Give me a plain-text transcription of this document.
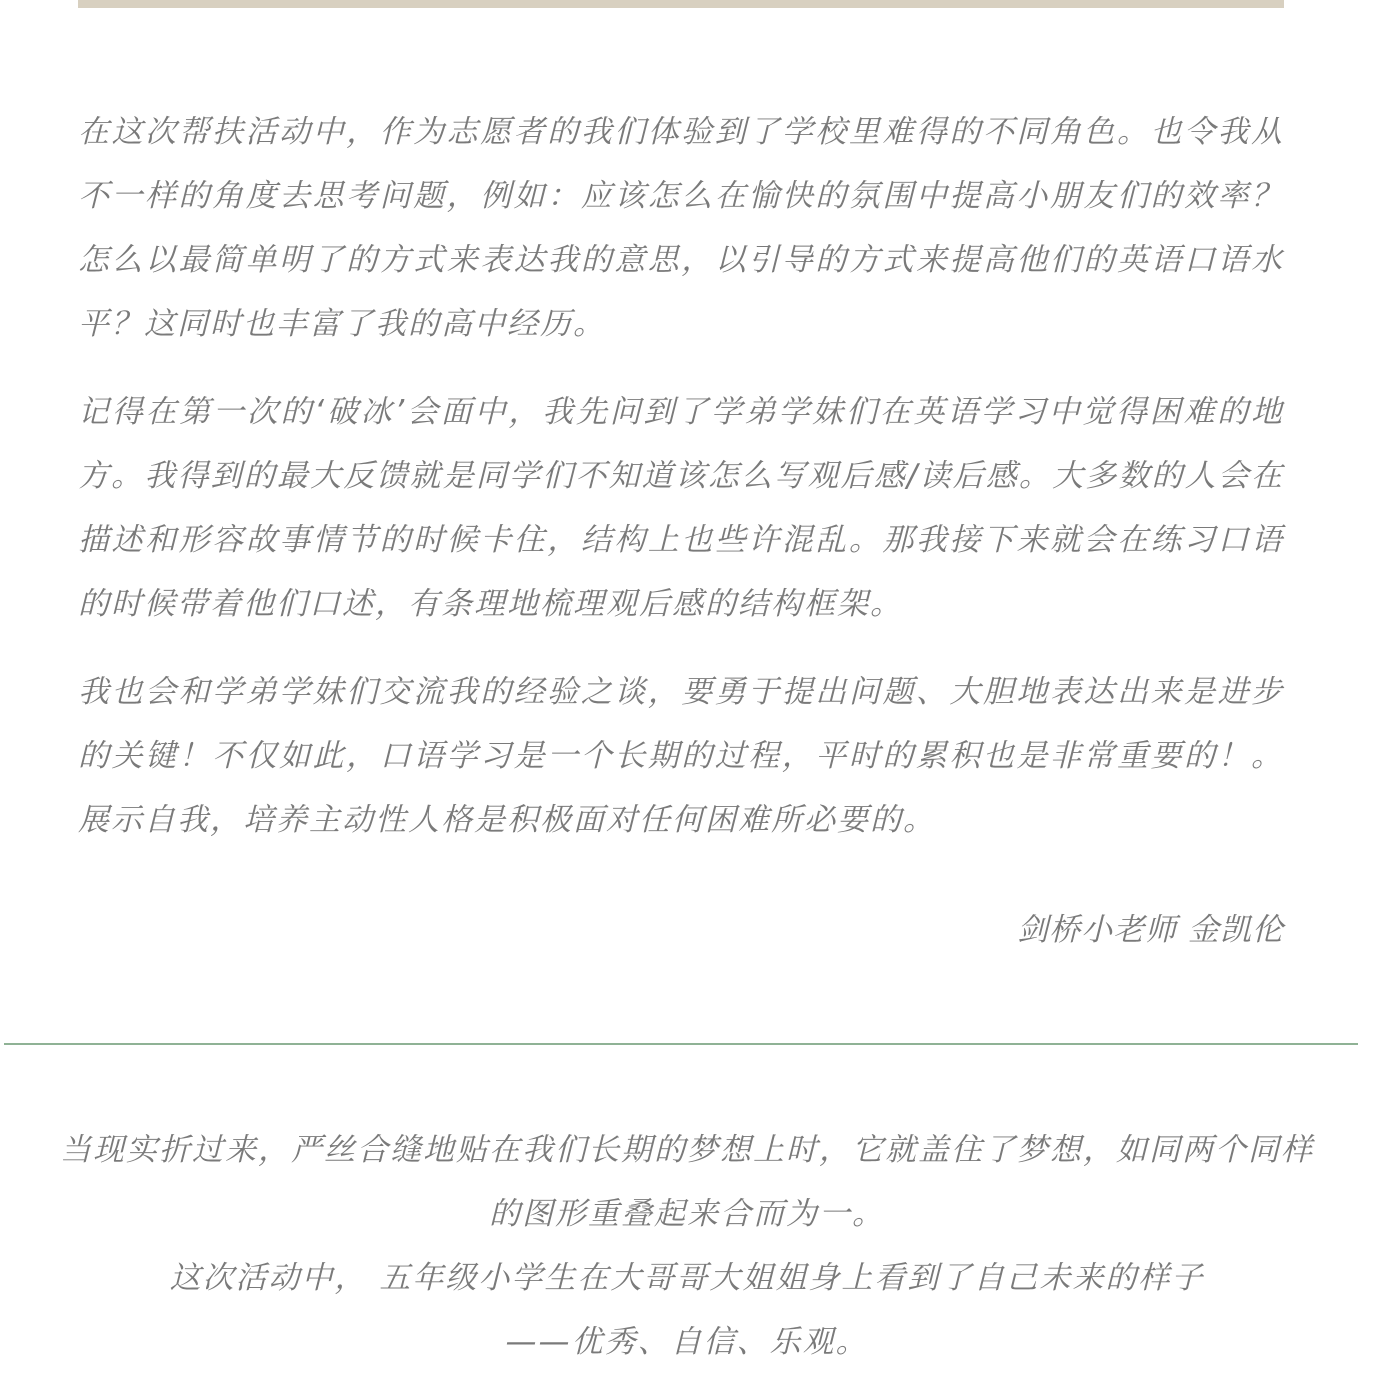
在这次帮扶活动中，作为志愿者的我们体验到了学校里难得的不同角色。也令我从不一样的角度去思考问题，例如：应该怎么在愉快的氛围中提高小朋友们的效率？怎么以最简单明了的方式来表达我的意思，以引导的方式来提高他们的英语口语水平？这同时也丰富了我的高中经历。

记得在第一次的‘破冰’会面中，我先问到了学弟学妹们在英语学习中觉得困难的地方。我得到的最大反馈就是同学们不知道该怎么写观后感/读后感。大多数的人会在描述和形容故事情节的时候卡住，结构上也些许混乱。那我接下来就会在练习口语的时候带着他们口述，有条理地梳理观后感的结构框架。

我也会和学弟学妹们交流我的经验之谈，要勇于提出问题、大胆地表达出来是进步的关键！不仅如此，口语学习是一个长期的过程，平时的累积也是非常重要的！。展示自我，培养主动性人格是积极面对任何困难所必要的。

剑桥小老师 金凯伦
当现实折过来，严丝合缝地贴在我们长期的梦想上时，它就盖住了梦想，如同两个同样
的图形重叠起来合而为一。
这次活动中， 五年级小学生在大哥哥大姐姐身上看到了自己未来的样子
——优秀、自信、乐观。
